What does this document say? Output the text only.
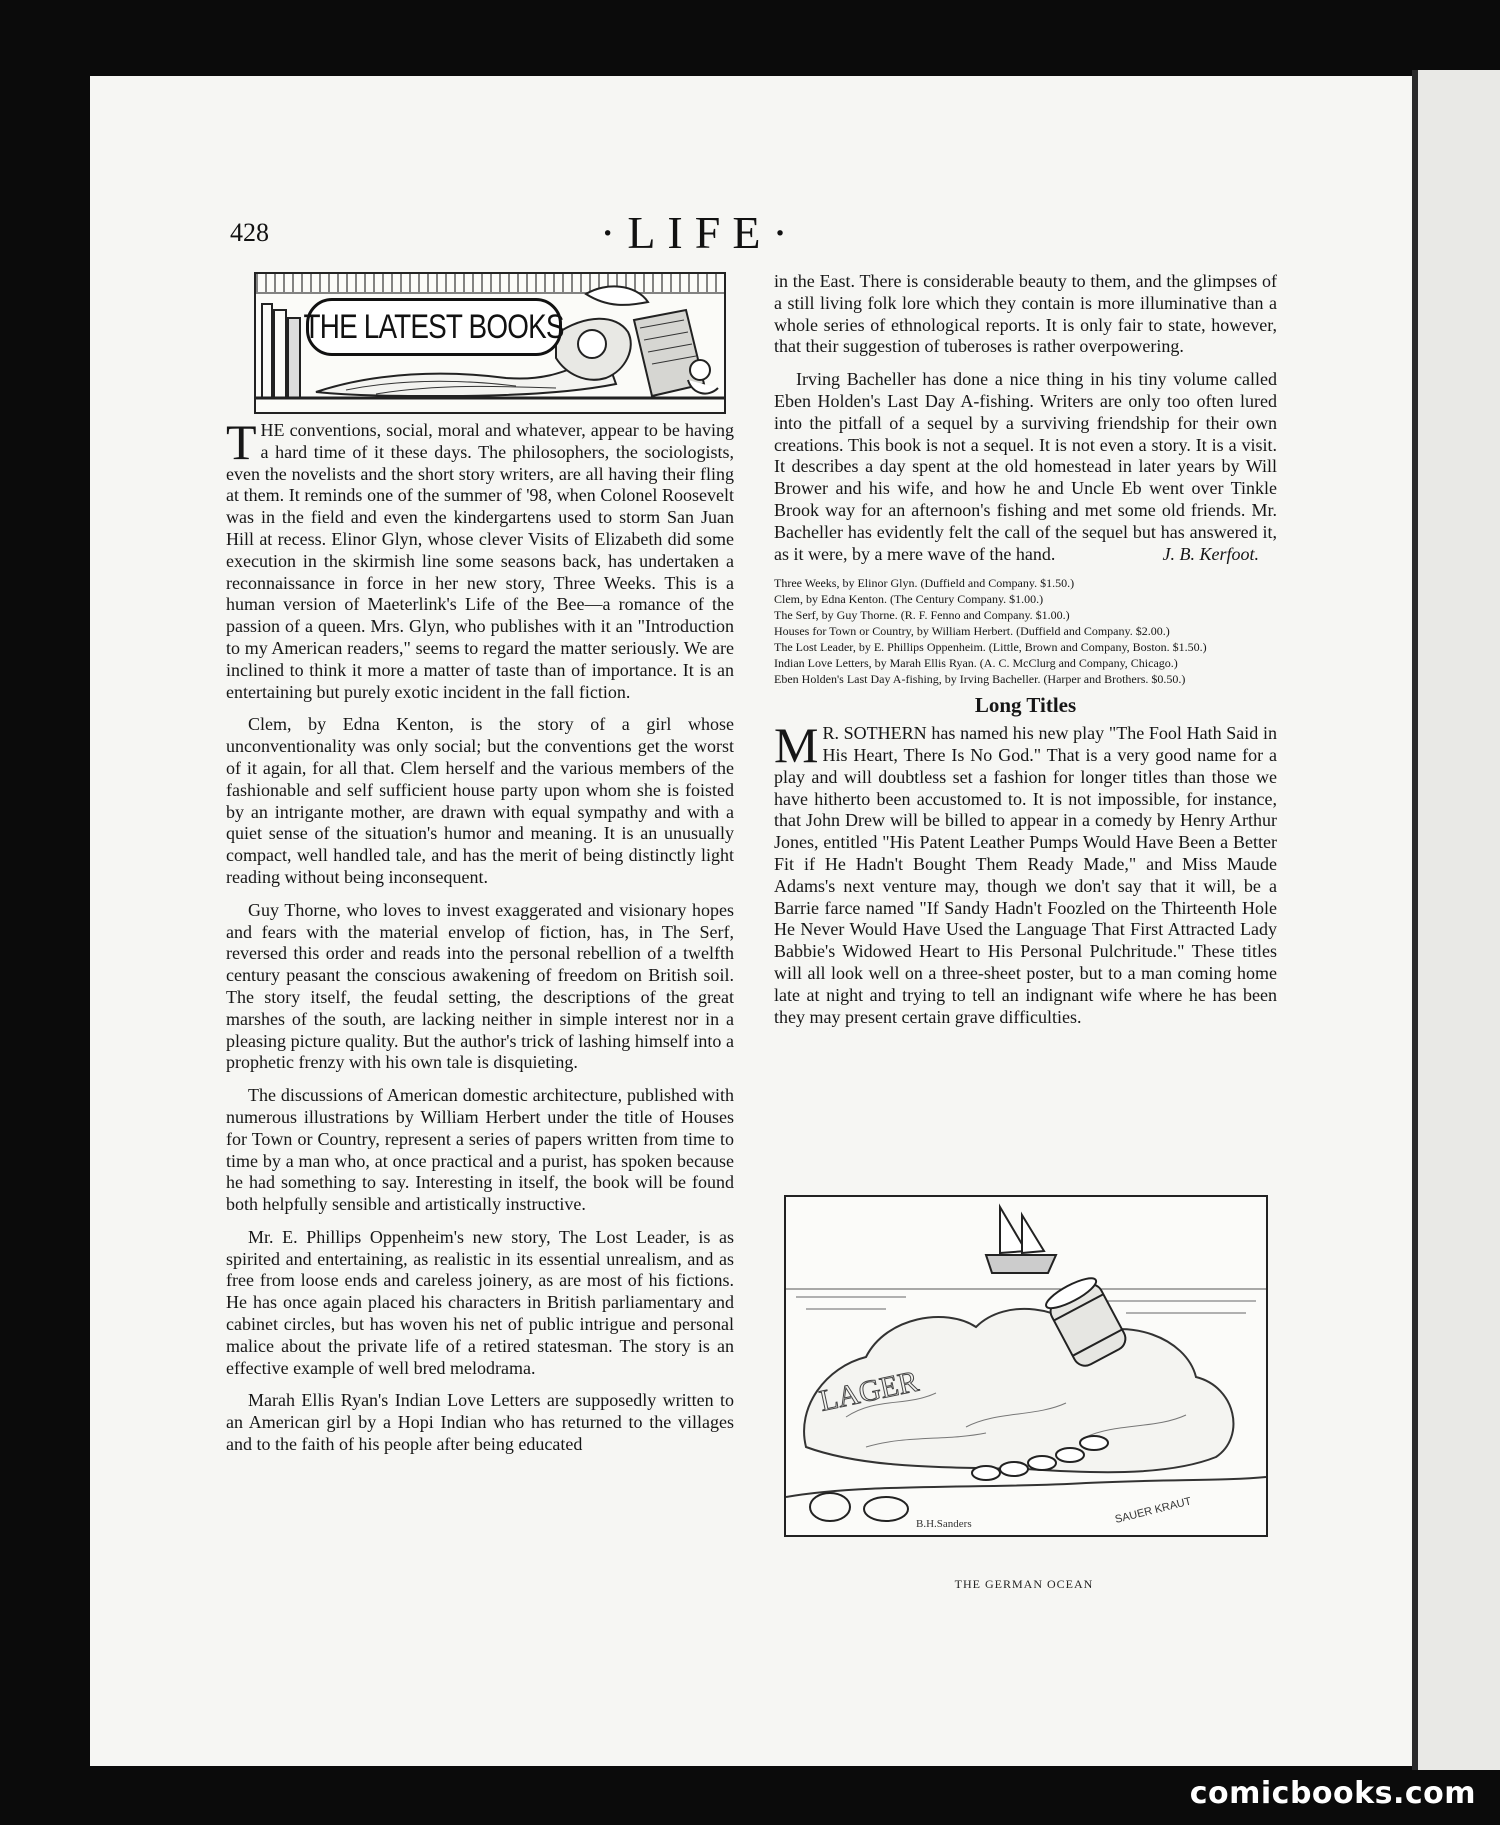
428	·LIFE·
THE LATEST BOOKS

THE conventions, social, moral and whatever, appear to be having a hard time of it these days. The philosophers, the sociologists, even the novelists and the short story writers, are all having their fling at them. It reminds one of the summer of '98, when Colonel Roosevelt was in the field and even the kindergartens used to storm San Juan Hill at recess. Elinor Glyn, whose clever Visits of Elizabeth did some execution in the skirmish line some seasons back, has undertaken a reconnaissance in force in her new story, Three Weeks. This is a human version of Maeterlink's Life of the Bee—a romance of the passion of a queen. Mrs. Glyn, who publishes with it an "Introduction to my American readers," seems to regard the matter seriously. We are inclined to think it more a matter of taste than of importance. It is an entertaining but purely exotic incident in the fall fiction.

Clem, by Edna Kenton, is the story of a girl whose unconventionality was only social; but the conventions get the worst of it again, for all that. Clem herself and the various members of the fashionable and self sufficient house party upon whom she is foisted by an intrigante mother, are drawn with equal sympathy and with a quiet sense of the situation's humor and meaning. It is an unusually compact, well handled tale, and has the merit of being distinctly light reading without being inconsequent.

Guy Thorne, who loves to invest exaggerated and visionary hopes and fears with the material envelop of fiction, has, in The Serf, reversed this order and reads into the personal rebellion of a twelfth century peasant the conscious awakening of freedom on British soil. The story itself, the feudal setting, the descriptions of the great marshes of the south, are lacking neither in simple interest nor in a pleasing picture quality. But the author's trick of lashing himself into a prophetic frenzy with his own tale is disquieting.

The discussions of American domestic architecture, published with numerous illustrations by William Herbert under the title of Houses for Town or Country, represent a series of papers written from time to time by a man who, at once practical and a purist, has spoken because he had something to say. Interesting in itself, the book will be found both helpfully sensible and artistically instructive.

Mr. E. Phillips Oppenheim's new story, The Lost Leader, is as spirited and entertaining, as realistic in its essential unrealism, and as free from loose ends and careless joinery, as are most of his fictions. He has once again placed his characters in British parliamentary and cabinet circles, but has woven his net of public intrigue and personal malice about the private life of a retired statesman. The story is an effective example of well bred melodrama.

Marah Ellis Ryan's Indian Love Letters are supposedly written to an American girl by a Hopi Indian who has returned to the villages and to the faith of his people after being educated

in the East. There is considerable beauty to them, and the glimpses of a still living folk lore which they contain is more illuminative than a whole series of ethnological reports. It is only fair to state, however, that their suggestion of tuberoses is rather overpowering.

Irving Bacheller has done a nice thing in his tiny volume called Eben Holden's Last Day A-fishing. Writers are only too often lured into the pitfall of a sequel by a surviving friendship for their own creations. This book is not a sequel. It is not even a story. It is a visit. It describes a day spent at the old homestead in later years by Will Brower and his wife, and how he and Uncle Eb went over Tinkle Brook way for an afternoon's fishing and met some old friends. Mr. Bacheller has evidently felt the call of the sequel but has answered it, as it were, by a mere wave of the hand.	J. B. Kerfoot.

Three Weeks, by Elinor Glyn. (Duffield and Company. $1.50.)
Clem, by Edna Kenton. (The Century Company. $1.00.)
The Serf, by Guy Thorne. (R. F. Fenno and Company. $1.00.)
Houses for Town or Country, by William Herbert. (Duffield and Company. $2.00.)
The Lost Leader, by E. Phillips Oppenheim. (Little, Brown and Company, Boston. $1.50.)
Indian Love Letters, by Marah Ellis Ryan. (A. C. McClurg and Company, Chicago.)
Eben Holden's Last Day A-fishing, by Irving Bacheller. (Harper and Brothers. $0.50.)
Long Titles

M R. SOTHERN has named his new play "The Fool Hath Said in His Heart, There Is No God." That is a very good name for a play and will doubtless set a fashion for longer titles than those we have hitherto been accustomed to. It is not impossible, for instance, that John Drew will be billed to appear in a comedy by Henry Arthur Jones, entitled "His Patent Leather Pumps Would Have Been a Better Fit if He Hadn't Bought Them Ready Made," and Miss Maude Adams's next venture may, though we don't say that it will, be a Barrie farce named "If Sandy Hadn't Foozled on the Thirteenth Hole He Never Would Have Used the Language That First Attracted Lady Babbie's Widowed Heart to His Personal Pulchritude." These titles will all look well on a three-sheet poster, but to a man coming home late at night and trying to tell an indignant wife where he has been they may present certain grave difficulties.

LAGER
B.H.Sanders	SAUER KRAUT
THE GERMAN OCEAN
comicbooks.com
